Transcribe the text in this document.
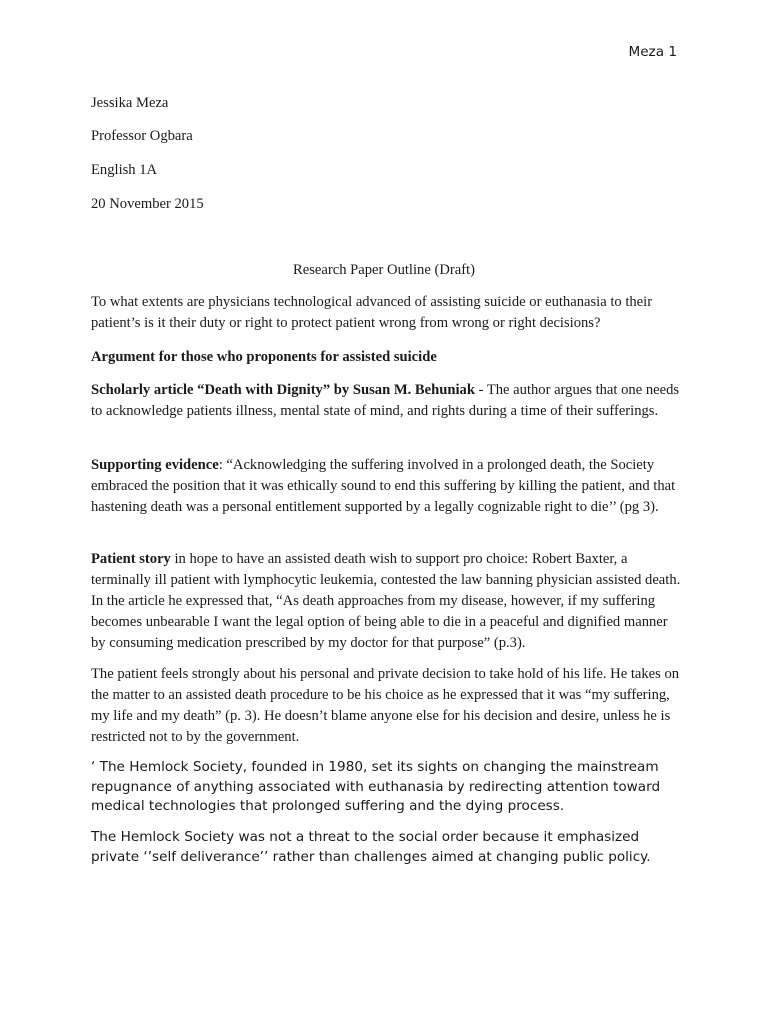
Meza 1
Jessika Meza
Professor Ogbara
English 1A
20 November 2015
Research Paper Outline (Draft)

To what extents are physicians technological advanced of assisting suicide or euthanasia to their patient’s is it their duty or right to protect patient wrong from wrong or right decisions?

Argument for those who proponents for assisted suicide

Scholarly article “Death with Dignity” by Susan M. Behuniak - The author argues that one needs to acknowledge patients illness, mental state of mind, and rights during a time of their sufferings.

Supporting evidence: “Acknowledging the suffering involved in a prolonged death, the Society embraced the position that it was ethically sound to end this suffering by killing the patient, and that hastening death was a personal entitlement supported by a legally cognizable right to die’’ (pg 3).

Patient story in hope to have an assisted death wish to support pro choice: Robert Baxter, a terminally ill patient with lymphocytic leukemia, contested the law banning physician assisted death. In the article he expressed that, “As death approaches from my disease, however, if my suffering becomes unbearable I want the legal option of being able to die in a peaceful and dignified manner by consuming medication prescribed by my doctor for that purpose” (p.3).

The patient feels strongly about his personal and private decision to take hold of his life. He takes on the matter to an assisted death procedure to be his choice as he expressed that it was “my suffering, my life and my death” (p. 3). He doesn’t blame anyone else for his decision and desire, unless he is restricted not to by the government.

‘ The Hemlock Society, founded in 1980, set its sights on changing the mainstream repugnance of anything associated with euthanasia by redirecting attention toward medical technologies that prolonged suffering and the dying process.

The Hemlock Society was not a threat to the social order because it emphasized private ‘’self deliverance’’ rather than challenges aimed at changing public policy.
